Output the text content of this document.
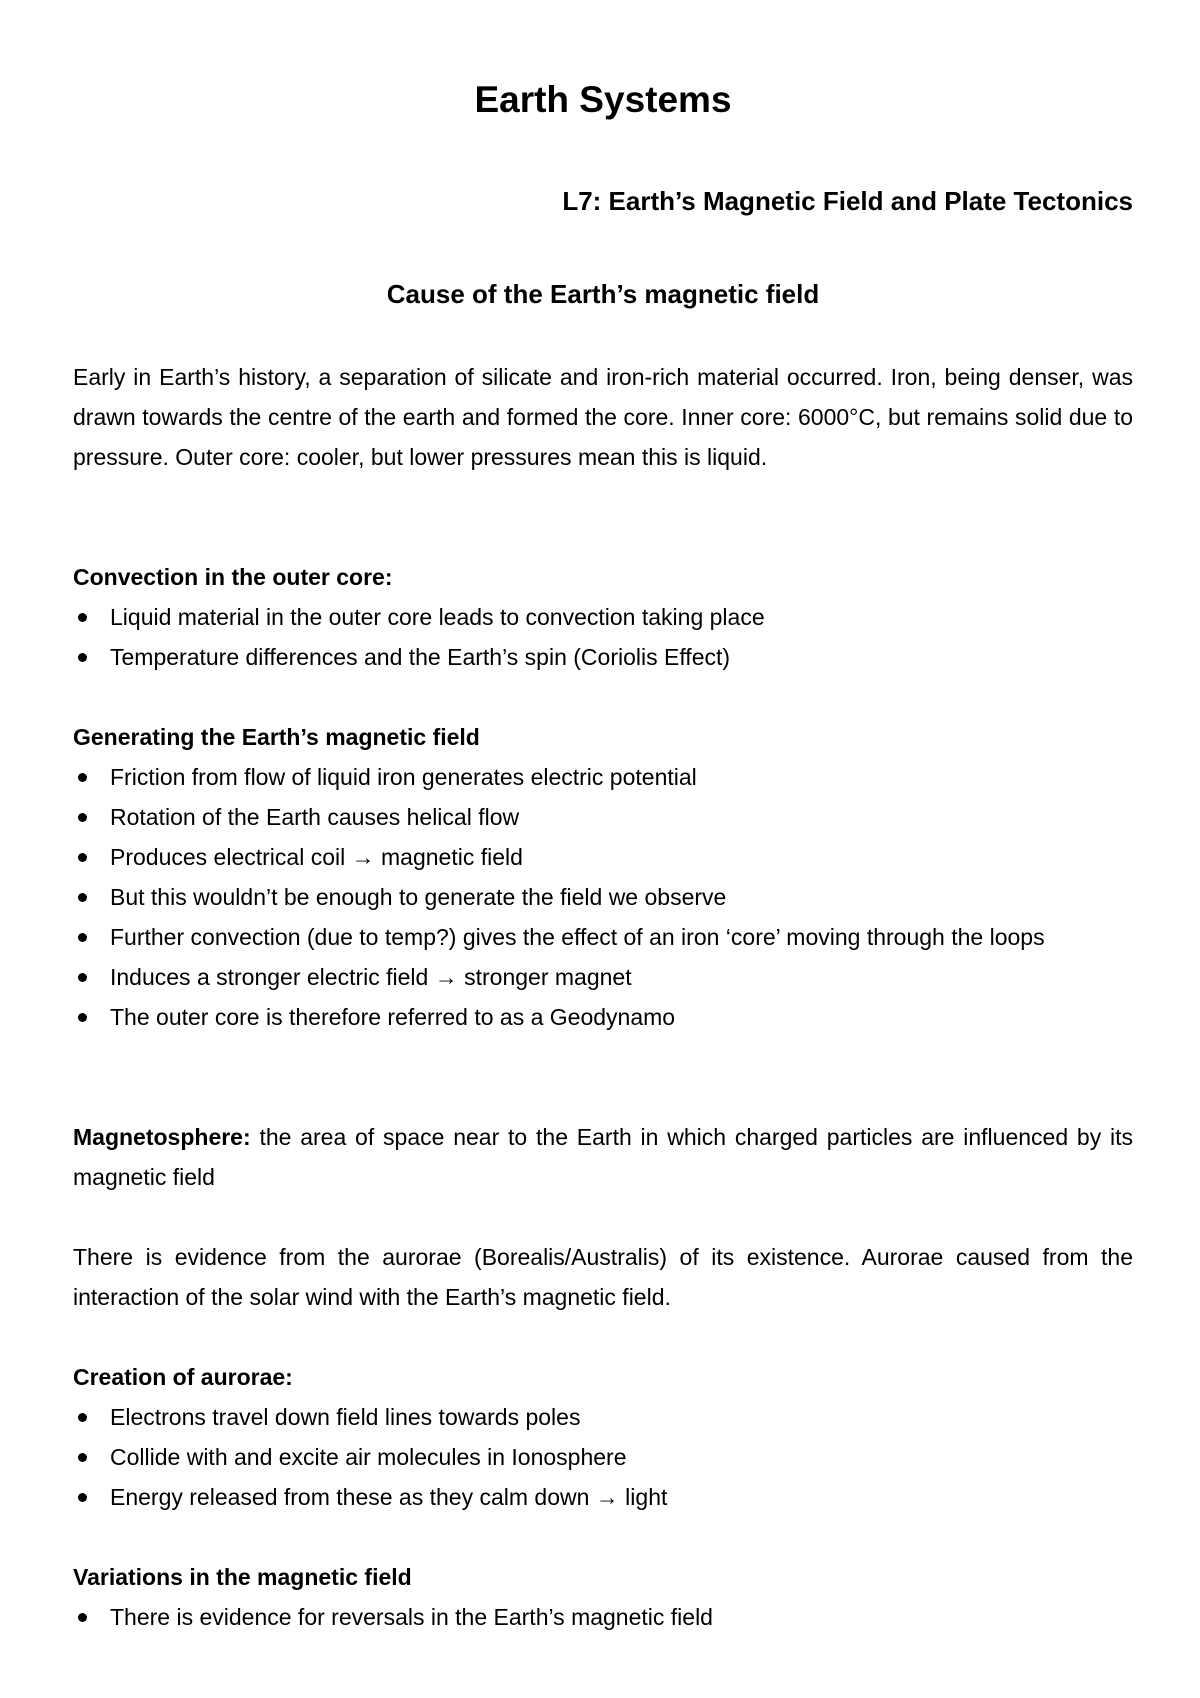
Earth Systems
L7: Earth’s Magnetic Field and Plate Tectonics
Cause of the Earth’s magnetic field

Early in Earth’s history, a separation of silicate and iron-rich material occurred. Iron, being denser, was drawn towards the centre of the earth and formed the core. Inner core: 6000°C, but remains solid due to pressure. Outer core: cooler, but lower pressures mean this is liquid.

Convection in the outer core:

Liquid material in the outer core leads to convection taking place
Temperature differences and the Earth’s spin (Coriolis Effect)

Generating the Earth’s magnetic field

Friction from flow of liquid iron generates electric potential
Rotation of the Earth causes helical flow
Produces electrical coil → magnetic field
But this wouldn’t be enough to generate the field we observe
Further convection (due to temp?) gives the effect of an iron ‘core’ moving through the loops
Induces a stronger electric field → stronger magnet
The outer core is therefore referred to as a Geodynamo

Magnetosphere: the area of space near to the Earth in which charged particles are influenced by its magnetic field

There is evidence from the aurorae (Borealis/Australis) of its existence. Aurorae caused from the interaction of the solar wind with the Earth’s magnetic field.

Creation of aurorae:

Electrons travel down field lines towards poles
Collide with and excite air molecules in Ionosphere
Energy released from these as they calm down → light

Variations in the magnetic field

There is evidence for reversals in the Earth’s magnetic field
